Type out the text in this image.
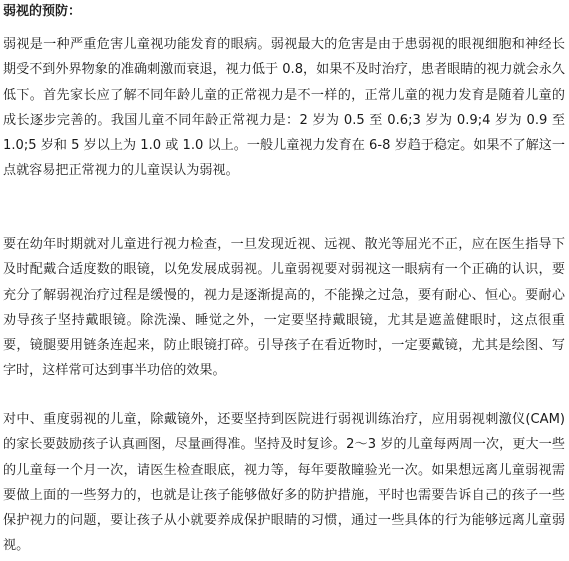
弱视的预防：

弱视是一种严重危害儿童视功能发育的眼病。弱视最大的危害是由于患弱视的眼视细胞和神经长期受不到外界物象的准确刺激而衰退，视力低于 0.8，如果不及时治疗，患者眼睛的视力就会永久低下。首先家长应了解不同年龄儿童的正常视力是不一样的，正常儿童的视力发育是随着儿童的成长逐步完善的。我国儿童不同年龄正常视力是：2 岁为 0.5 至 0.6;3 岁为 0.9;4 岁为 0.9 至 1.0;5 岁和 5 岁以上为 1.0 或 1.0 以上。一般儿童视力发育在 6-8 岁趋于稳定。如果不了解这一点就容易把正常视力的儿童误认为弱视。

要在幼年时期就对儿童进行视力检查，一旦发现近视、远视、散光等屈光不正，应在医生指导下及时配戴合适度数的眼镜，以免发展成弱视。儿童弱视要对弱视这一眼病有一个正确的认识，要充分了解弱视治疗过程是缓慢的，视力是逐渐提高的，不能操之过急，要有耐心、恒心。要耐心劝导孩子坚持戴眼镜。除洗澡、睡觉之外，一定要坚持戴眼镜，尤其是遮盖健眼时，这点很重要，镜腿要用链条连起来，防止眼镜打碎。引导孩子在看近物时，一定要戴镜，尤其是绘图、写字时，这样常可达到事半功倍的效果。

对中、重度弱视的儿童，除戴镜外，还要坚持到医院进行弱视训练治疗，应用弱视刺激仪(CAM)的家长要鼓励孩子认真画图，尽量画得准。坚持及时复诊。2～3 岁的儿童每两周一次，更大一些的儿童每一个月一次，请医生检查眼底，视力等，每年要散瞳验光一次。如果想远离儿童弱视需要做上面的一些努力的，也就是让孩子能够做好多的防护措施，平时也需要告诉自己的孩子一些保护视力的问题，要让孩子从小就要养成保护眼睛的习惯，通过一些具体的行为能够远离儿童弱视。
